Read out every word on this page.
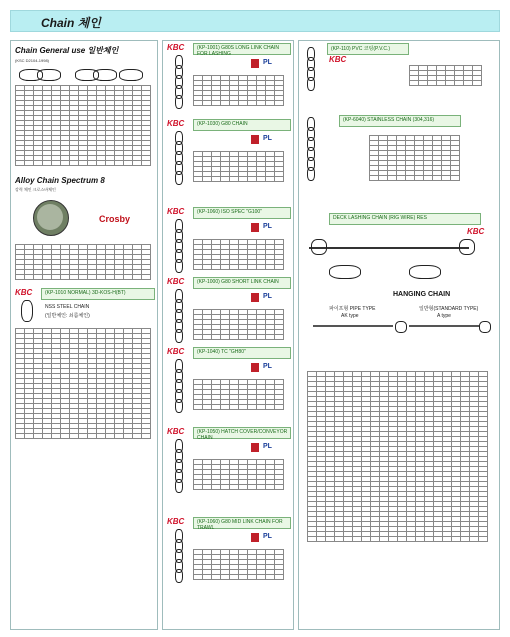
Chain 체인
Chain General use 일반체인
(KSC D2104-1998)

Alloy Chain Spectrum 8
강력 체인 크로스바체인
Crosby

KBC	(KP-1010 NORMAL) 3D-KOS-H(BT)
NSS STEEL CHAIN
(일반체인: 쇠름체인)

KBC	(KP-1001) G80S LONG LINK CHAIN FOR LASHING
PL

KBC	(KP-1030) G80 CHAIN
PL

KBC	(KP-1060) ISO SPEC "G100"
PL

KBC	(KP-1000) G80 SHORT LINK CHAIN
PL

KBC	(KP-1040) TC "GH80"
PL

KBC	(KP-1050) HATCH COVER/CONVEYOR CHAIN
PL

KBC	(KP-1060) G80 MID LINK CHAIN FOR TRAWL
PL

(KP-110) PVC 코팅(P.V.C.)
KBC

(KP-6040) STAINLESS CHAIN (304,316)

DECK LASHING CHAIN (RIG WIRE) RES
KBC
HANGING CHAIN
파이프형 PIPE TYPE
AK type
일반형(STANDARD TYPE)
A type
